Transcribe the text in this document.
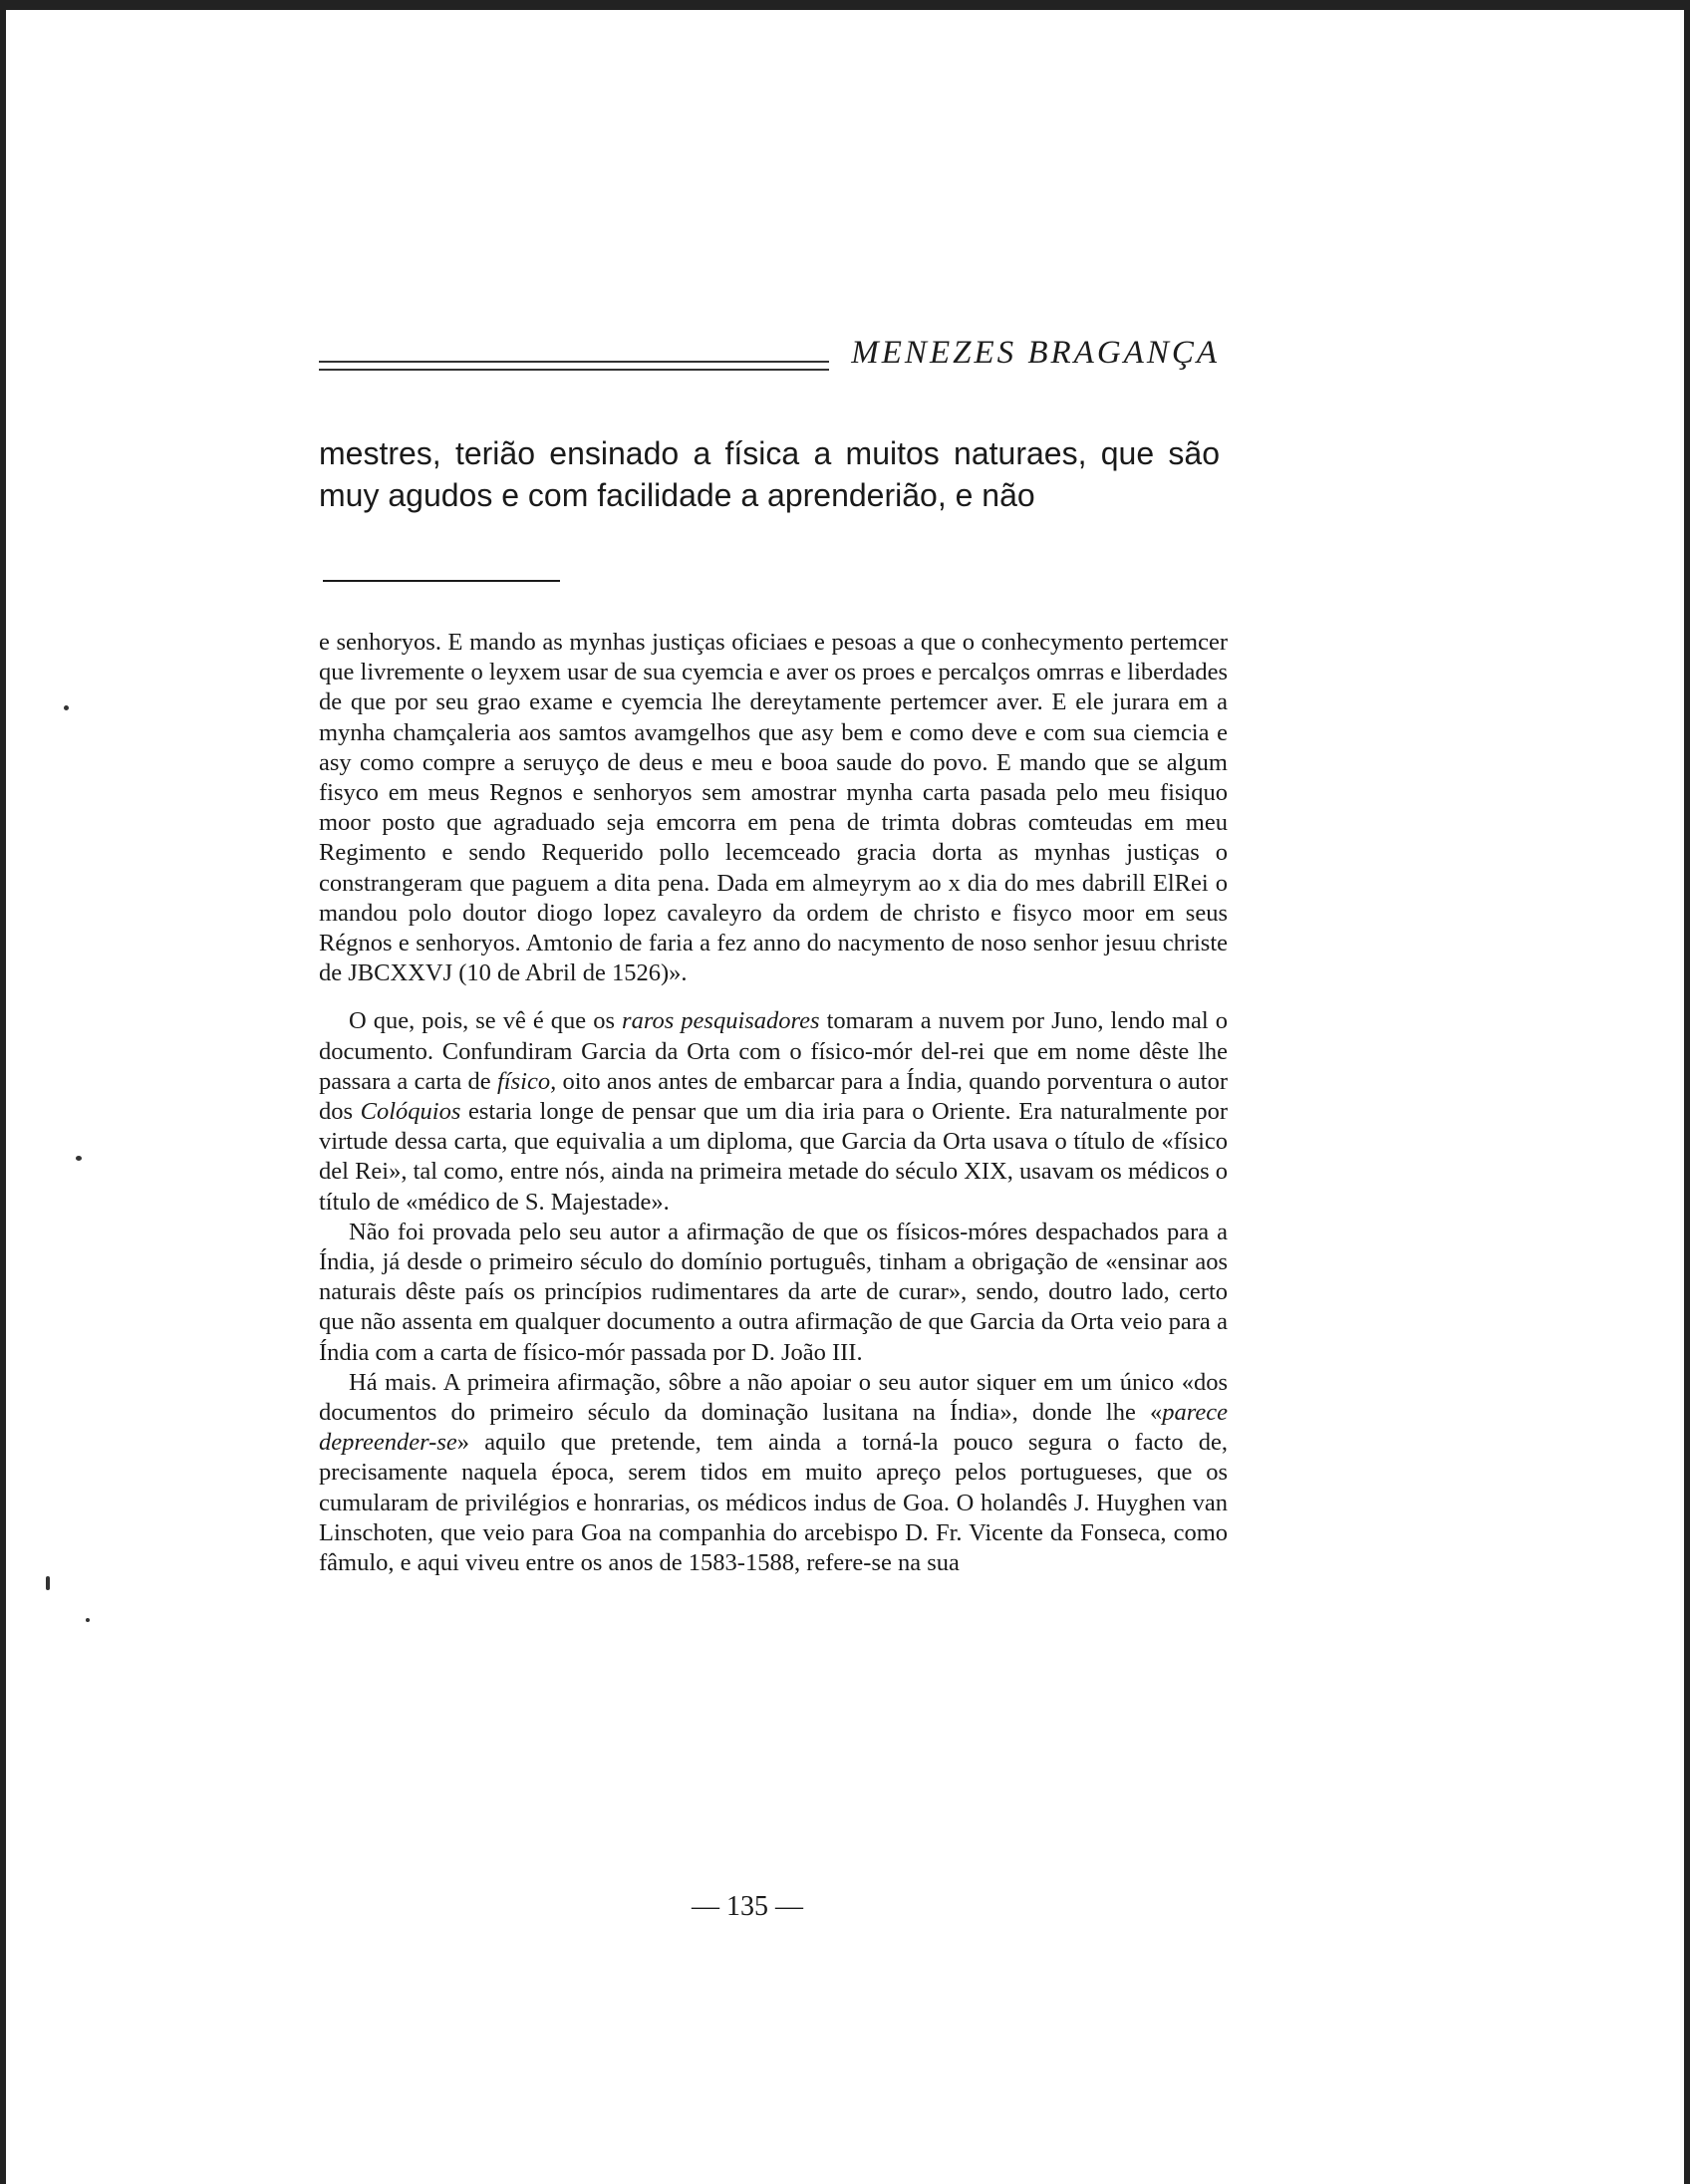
MENEZES BRAGANÇA

mestres, terião ensinado a física a muitos naturaes, que são muy agudos e com facilidade a aprenderião, e não

e senhoryos. E mando as mynhas justiças oficiaes e pesoas a que o conhecymento pertemcer que livremente o leyxem usar de sua cyemcia e aver os proes e percalços omrras e liberdades de que por seu grao exame e cyemcia lhe dereytamente pertemcer aver. E ele jurara em a mynha chamçaleria aos samtos avamgelhos que asy bem e como deve e com sua ciemcia e asy como compre a seruyço de deus e meu e booa saude do povo. E mando que se algum fisyco em meus Regnos e senhoryos sem amostrar mynha carta pasada pelo meu fisiquo moor posto que agraduado seja emcorra em pena de trimta dobras comteudas em meu Regimento e sendo Requerido pollo lecemceado gracia dorta as mynhas justiças o constrangeram que paguem a dita pena. Dada em almeyrym ao x dia do mes dabrill ElRei o mandou polo doutor diogo lopez cavaleyro da ordem de christo e fisyco moor em seus Régnos e senhoryos. Amtonio de faria a fez anno do nacymento de noso senhor jesuu christe de JBCXXVJ (10 de Abril de 1526)».

O que, pois, se vê é que os raros pesquisadores tomaram a nuvem por Juno, lendo mal o documento. Confundiram Garcia da Orta com o físico-mór del-rei que em nome dêste lhe passara a carta de físico, oito anos antes de embarcar para a Índia, quando porventura o autor dos Colóquios estaria longe de pensar que um dia iria para o Oriente. Era naturalmente por virtude dessa carta, que equivalia a um diploma, que Garcia da Orta usava o título de «físico del Rei», tal como, entre nós, ainda na primeira metade do século XIX, usavam os médicos o título de «médico de S. Majestade».

Não foi provada pelo seu autor a afirmação de que os físicos-móres despachados para a Índia, já desde o primeiro século do domínio português, tinham a obrigação de «ensinar aos naturais dêste país os princípios rudimentares da arte de curar», sendo, doutro lado, certo que não assenta em qualquer documento a outra afirmação de que Garcia da Orta veio para a Índia com a carta de físico-mór passada por D. João III.

Há mais. A primeira afirmação, sôbre a não apoiar o seu autor siquer em um único «dos documentos do primeiro século da dominação lusitana na Índia», donde lhe «parece depreender-se» aquilo que pretende, tem ainda a torná-la pouco segura o facto de, precisamente naquela época, serem tidos em muito apreço pelos portugueses, que os cumularam de privilégios e honrarias, os médicos indus de Goa. O holandês J. Huyghen van Linschoten, que veio para Goa na companhia do arcebispo D. Fr. Vicente da Fonseca, como fâmulo, e aqui viveu entre os anos de 1583-1588, refere-se na sua

— 135 —
